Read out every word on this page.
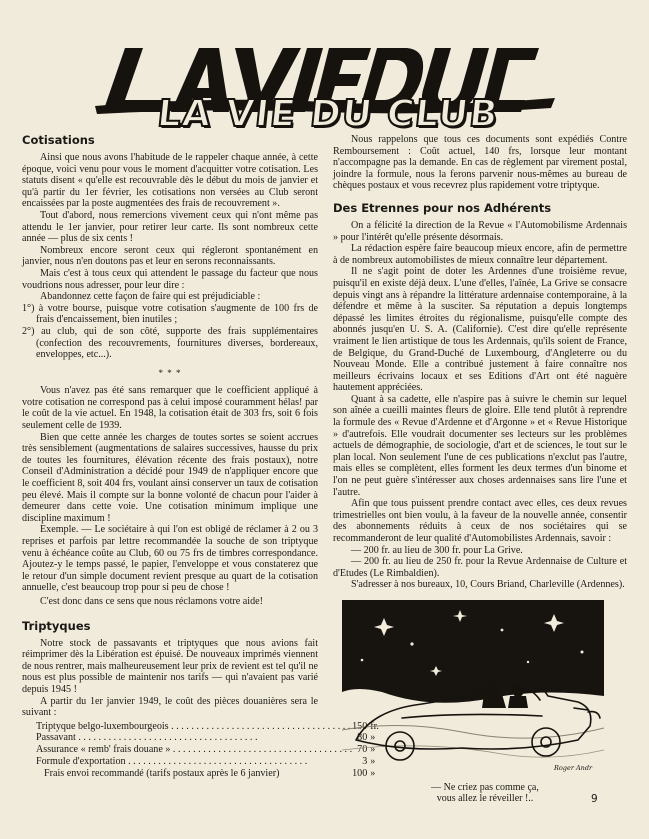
LA VIE DU CLUB
Cotisations

Ainsi que nous avons l'habitude de le rappeler chaque année, à cette époque, voici venu pour vous le moment d'acquitter votre cotisation. Les statuts disent « qu'elle est recouvrable dès le début du mois de janvier et qu'à partir du 1er février, les cotisations non versées au Club seront encaissées par la poste augmentées des frais de recouvrement ».

Tout d'abord, nous remercions vivement ceux qui n'ont même pas attendu le 1er janvier, pour retirer leur carte. Ils sont nombreux cette année — plus de six cents !

Nombreux encore seront ceux qui régleront spontanément en janvier, nous n'en doutons pas et leur en serons reconnaissants.

Mais c'est à tous ceux qui attendent le passage du facteur que nous voudrions nous adresser, pour leur dire :

Abandonnez cette façon de faire qui est préjudiciable :

1°) à votre bourse, puisque votre cotisation s'augmente de 100 frs de frais d'encaissement, bien inutiles ;

2°) au club, qui de son côté, supporte des frais supplémentaires (confection des recouvrements, fournitures diverses, bordereaux, enveloppes, etc...).

* * *

Vous n'avez pas été sans remarquer que le coefficient appliqué à votre cotisation ne correspond pas à celui imposé couramment hélas! par le coût de la vie actuel. En 1948, la cotisation était de 303 frs, soit 6 fois seulement celle de 1939.

Bien que cette année les charges de toutes sortes se soient accrues très sensiblement (augmentations de salaires successives, hausse du prix de toutes les fournitures, élévation récente des frais postaux), notre Conseil d'Administration a décidé pour 1949 de n'appliquer encore que le coefficient 8, soit 404 frs, voulant ainsi conserver un taux de cotisation peu élevé. Mais il compte sur la bonne volonté de chacun pour l'aider à demeurer dans cette voie. Une cotisation minimum implique une discipline maximum !

Exemple. — Le sociétaire à qui l'on est obligé de réclamer à 2 ou 3 reprises et parfois par lettre recommandée la souche de son triptyque venu à échéance coûte au Club, 60 ou 75 frs de timbres correspondance. Ajoutez-y le temps passé, le papier, l'enveloppe et vous constaterez que le retour d'un simple document revient presque au quart de la cotisation annuelle, c'est beaucoup trop pour si peu de chose !

C'est donc dans ce sens que nous réclamons votre aide!

Triptyques

Notre stock de passavants et triptyques que nous avions fait réimprimer dès la Libération est épuisé. De nouveaux imprimés viennent de nous rentrer, mais malheureusement leur prix de revient est tel qu'il ne nous est plus possible de maintenir nos tarifs — qui n'avaient pas varié depuis 1945 !

A partir du 1er janvier 1949, le coût des pièces douanières sera le suivant :

Triptyque belgo-luxembourgeois . . .	150	fr.
Passavant . . .	80	»
Assurance « remb' frais douane » . . .	70	»
Formule d'exportation . . .	3	»
Frais envoi recommandé (tarifs postaux après le 6 janvier)	100	»

Nous rappelons que tous ces documents sont expédiés Contre Remboursement : Coût actuel, 140 frs, lorsque leur montant n'accompagne pas la demande. En cas de règlement par virement postal, joindre la formule, nous la ferons parvenir nous-mêmes au bureau de chèques postaux et vous recevrez plus rapidement votre triptyque.

Des Etrennes pour nos Adhérents

On a félicité la direction de la Revue « l'Automobilisme Ardennais » pour l'intérêt qu'elle présente désormais.

La rédaction espère faire beaucoup mieux encore, afin de permettre à de nombreux automobilistes de mieux connaître leur département.

Il ne s'agit point de doter les Ardennes d'une troisième revue, puisqu'il en existe déjà deux. L'une d'elles, l'aînée, La Grive se consacre depuis vingt ans à répandre la littérature ardennaise contemporaine, à la défendre et même à la susciter. Sa réputation a depuis longtemps dépassé les limites étroites du régionalisme, puisqu'elle compte des abonnés jusqu'en U. S. A. (Californie). C'est dire qu'elle représente vraiment le lien artistique de tous les Ardennais, qu'ils soient de France, de Belgique, du Grand-Duché de Luxembourg, d'Angleterre ou du Nouveau Monde. Elle a contribué justement à faire connaître nos meilleurs écrivains locaux et ses Editions d'Art ont été naguère hautement appréciées.

Quant à sa cadette, elle n'aspire pas à suivre le chemin sur lequel son aînée a cueilli maintes fleurs de gloire. Elle tend plutôt à reprendre la formule des « Revue d'Ardenne et d'Argonne » et « Revue Historique » d'autrefois. Elle voudrait documenter ses lecteurs sur les problèmes actuels de démographie, de sociologie, d'art et de sciences, le tout sur le plan local. Non seulement l'une de ces publications n'exclut pas l'autre, mais elles se complètent, elles forment les deux termes d'un binome et l'on ne peut guère s'intéresser aux choses ardennaises sans lire l'une et l'autre.

Afin que tous puissent prendre contact avec elles, ces deux revues trimestrielles ont bien voulu, à la faveur de la nouvelle année, consentir des abonnements réduits à ceux de nos sociétaires qui se recommanderont de leur qualité d'Automobilistes Ardennais, savoir :

— 200 fr. au lieu de 300 fr. pour La Grive.

— 200 fr. au lieu de 250 fr. pour la Revue Ardennaise de Culture et d'Etudes (Le Rimbaldien).

S'adresser à nos bureaux, 10, Cours Briand, Charleville (Ardennes).

Roger Andr
— Ne criez pas comme ça,
vous allez le réveiller !..	9
